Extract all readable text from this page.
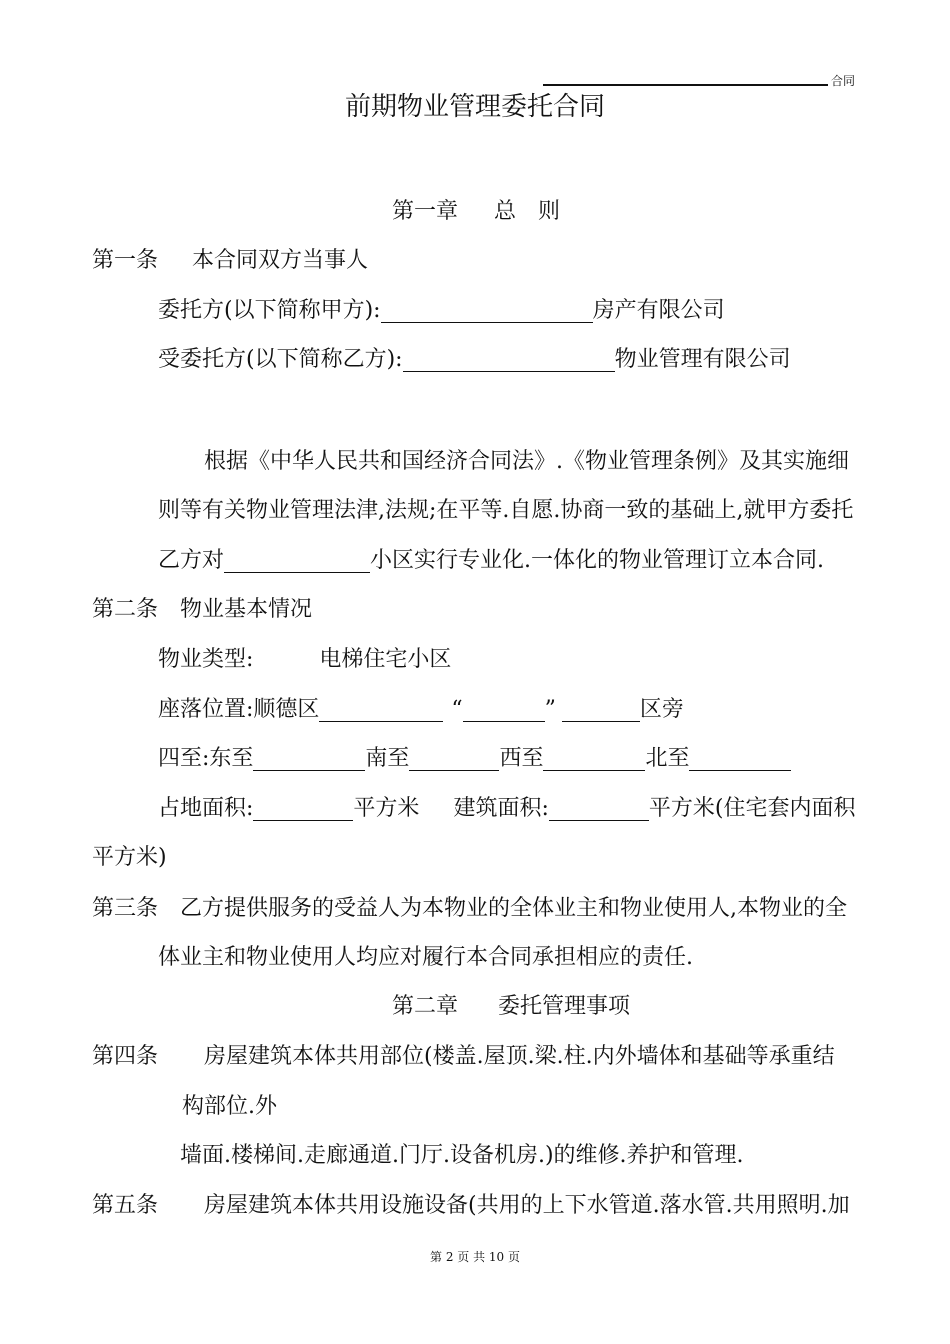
合同
前期物业管理委托合同
第一章 总　则
第一条 本合同双方当事人
委托方(以下简称甲方):	房产有限公司
受委托方(以下简称乙方):	物业管理有限公司
根据《中华人民共和国经济合同法》.《物业管理条例》及其实施细
则等有关物业管理法津,法规;在平等.自愿.协商一致的基础上,就甲方委托
乙方对	小区实行专业化.一体化的物业管理订立本合同.
第二条 物业基本情况
物业类型:	电梯住宅小区
座落位置:顺德区	“	”	区旁
四至:东至	南至	西至	北至
占地面积:	平方米 建筑面积:	平方米(住宅套内面积
平方米)
第三条 乙方提供服务的受益人为本物业的全体业主和物业使用人,本物业的全
体业主和物业使用人均应对履行本合同承担相应的责任.
第二章 委托管理事项
第四条 房屋建筑本体共用部位(楼盖.屋顶.梁.柱.内外墙体和基础等承重结
构部位.外
墙面.楼梯间.走廊通道.门厅.设备机房.)的维修.养护和管理.
第五条 房屋建筑本体共用设施设备(共用的上下水管道.落水管.共用照明.加
第 2 页 共 10 页
